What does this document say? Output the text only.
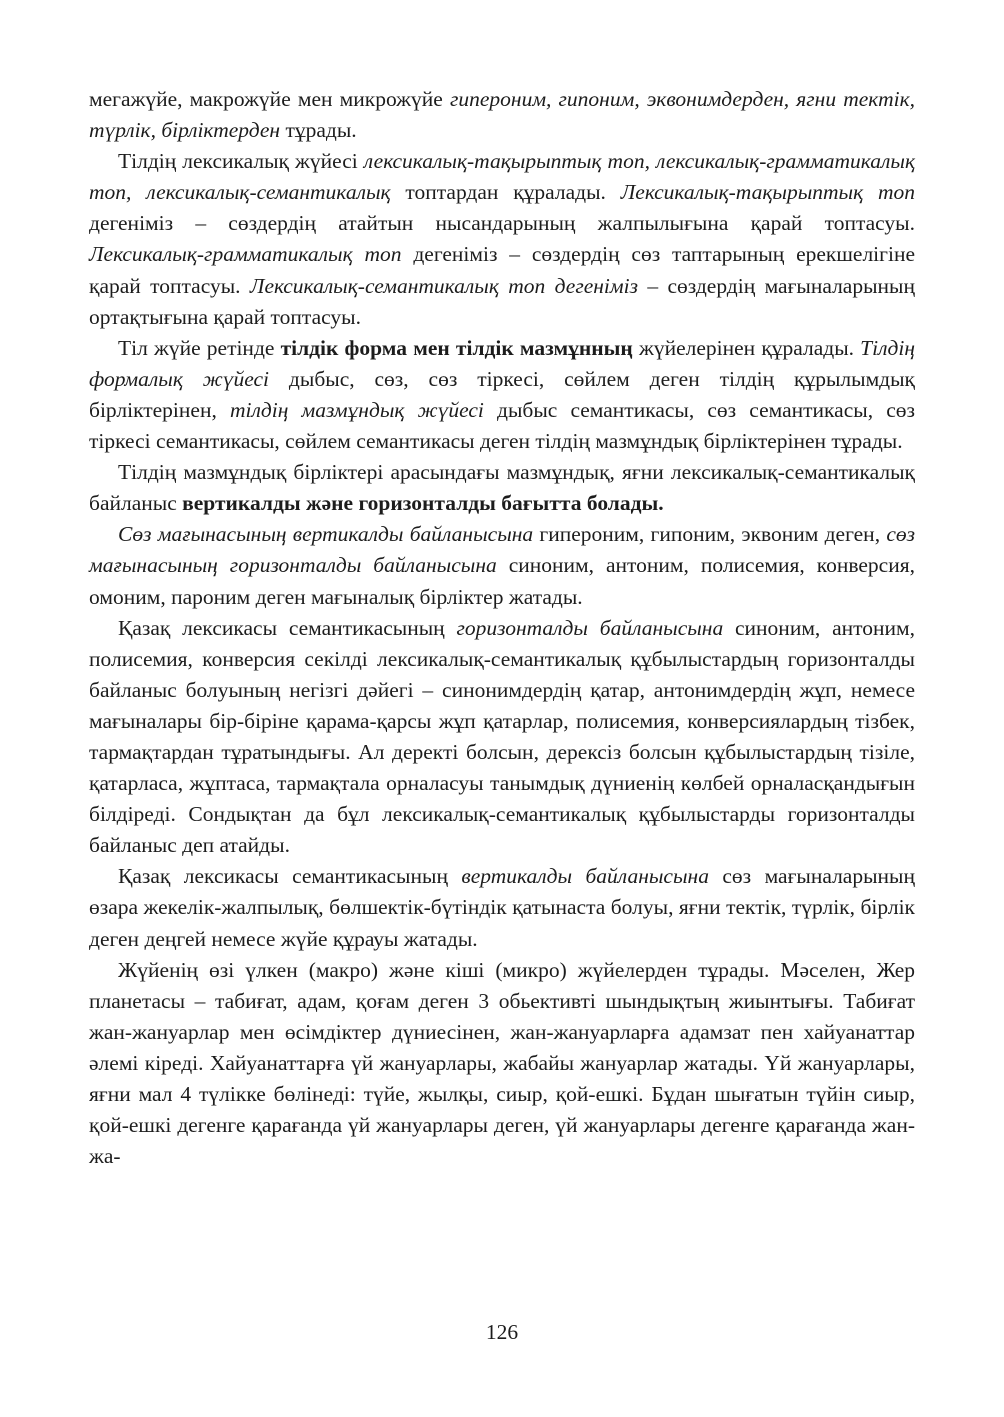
мегажүйе, макрожүйе мен микрожүйе гипероним, гипоним, эквонимдерден, ягни тектік, түрлік, бірліктерден тұрады.

Тілдің лексикалық жүйесі лексикалық-тақырыптық топ, лексикалық-грамматикалық топ, лексикалық-семантикалық топтардан құралады. Лексикалық-тақырыптық топ дегеніміз – сөздердің атайтын нысандарының жалпылығына қарай топтасуы. Лексикалық-грамматикалық топ дегеніміз – сөздердің сөз таптарының ерекшелігіне қарай топтасуы. Лексикалық-семантикалық топ дегеніміз – сөздердің мағыналарының ортақтығына қарай топтасуы.

Тіл жүйе ретінде тілдік форма мен тілдік мазмұнның жүйелерінен құралады. Тілдің формалық жүйесі дыбыс, сөз, сөз тіркесі, сөйлем деген тілдің құрылымдық бірліктерінен, тілдің мазмұндық жүйесі дыбыс семантикасы, сөз семантикасы, сөз тіркесі семантикасы, сөйлем семантикасы деген тілдің мазмұндық бірліктерінен тұрады.

Тілдің мазмұндық бірліктері арасындағы мазмұндық, яғни лексикалық-семантикалық байланыс вертикалды және горизонталды бағытта болады.

Сөз мағынасының вертикалды байланысына гипероним, гипоним, эквоним деген, сөз мағынасының горизонталды байланысына синоним, антоним, полисемия, конверсия, омоним, пароним деген мағыналық бірліктер жатады.

Қазақ лексикасы семантикасының горизонталды байланысына синоним, антоним, полисемия, конверсия секілді лексикалық-семантикалық құбылыстардың горизонталды байланыс болуының негізгі дәйегі – синонимдердің қатар, антонимдердің жұп, немесе мағыналары бір-біріне қарама-қарсы жұп қатарлар, полисемия, конверсиялардың тізбек, тармақтардан тұратындығы. Ал деректі болсын, дерексіз болсын құбылыстардың тізіле, қатарласа, жұптаса, тармақтала орналасуы танымдық дүниенің көлбей орналасқандығын білдіреді. Сондықтан да бұл лексикалық-семантикалық құбылыстарды горизонталды байланыс деп атайды.

Қазақ лексикасы семантикасының вертикалды байланысына сөз мағыналарының өзара жекелік-жалпылық, бөлшектік-бүтіндік қатынаста болуы, яғни тектік, түрлік, бірлік деген деңгей немесе жүйе құрауы жатады.

Жүйенің өзі үлкен (макро) және кіші (микро) жүйелерден тұрады. Мәселен, Жер планетасы – табиғат, адам, қоғам деген 3 обьективті шындықтың жиынтығы. Табиғат жан-жануарлар мен өсімдіктер дүниесінен, жан-жануарларға адамзат пен хайуанаттар әлемі кіреді. Хайуанаттарға үй жануарлары, жабайы жануарлар жатады. Үй жануарлары, яғни мал 4 түлікке бөлінеді: түйе, жылқы, сиыр, қой-ешкі. Бұдан шығатын түйін сиыр, қой-ешкі дегенге қарағанда үй жануарлары деген, үй жануарлары дегенге қарағанда жан-жа-

126
